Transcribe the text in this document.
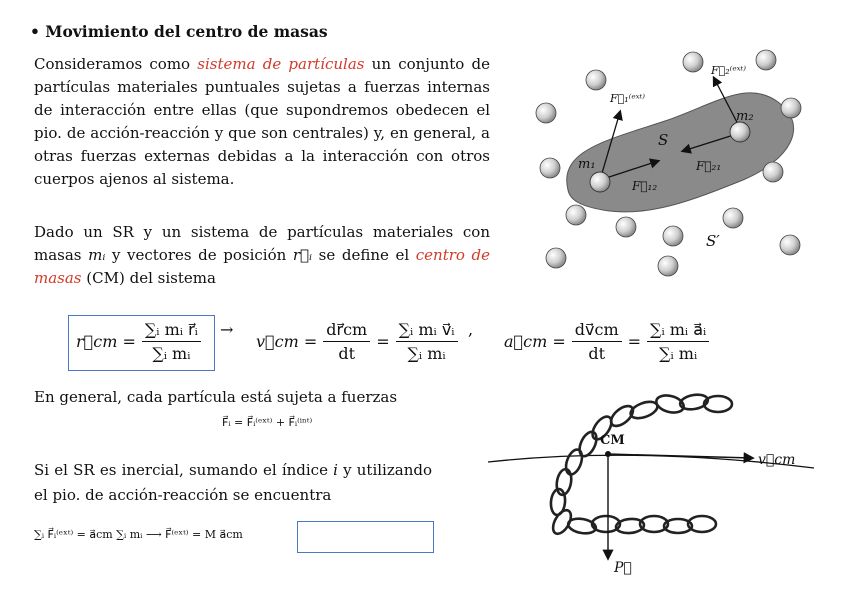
• Movimiento del centro de masas
Consideramos como sistema de partículas un conjunto de partículas materiales puntuales sujetas a fuerzas internas de interacción entre ellas (que supondremos obedecen el pio. de acción-reacción y que son centrales) y, en general, a otras fuerzas externas debidas a la interacción con otros cuerpos ajenos al sistema.
Dado un SR y un sistema de partículas materiales con masas mᵢ y vectores de posición r⃗ᵢ se define el centro de masas (CM) del sistema
r⃗cm = $\frac{\text{∑ᵢ mᵢ r⃗ᵢ}}{\text{∑ᵢ mᵢ}}$ →
v⃗cm = $\frac{dr⃗cm}{dt} = \frac{\text{∑ᵢ mᵢ v⃗ᵢ}}{\text{∑ᵢ mᵢ}}$ ,
a⃗cm = $\frac{dv⃗cm}{dt} = \frac{\text{∑ᵢ mᵢ a⃗ᵢ}}{\text{∑ᵢ mᵢ}}$
En general, cada partícula está sujeta a fuerzas
F⃗ᵢ = F⃗ᵢ⁽ᵉˣᵗ⁾ + F⃗ᵢ⁽ⁱⁿᵗ⁾
Si el SR es inercial, sumando el índice i y utilizando el pio. de acción-reacción se encuentra
∑ᵢ F⃗ᵢ⁽ᵉˣᵗ⁾ = a⃗cm ∑ᵢ mᵢ ⟶ F⃗⁽ᵉˣᵗ⁾ = M a⃗cm
F⃗₁⁽ᵉˣᵗ⁾
F⃗₂⁽ᵉˣᵗ⁾
m₁
m₂
S
F⃗₁₂
F⃗₂₁
S′
CM
v⃗cm
P⃗
